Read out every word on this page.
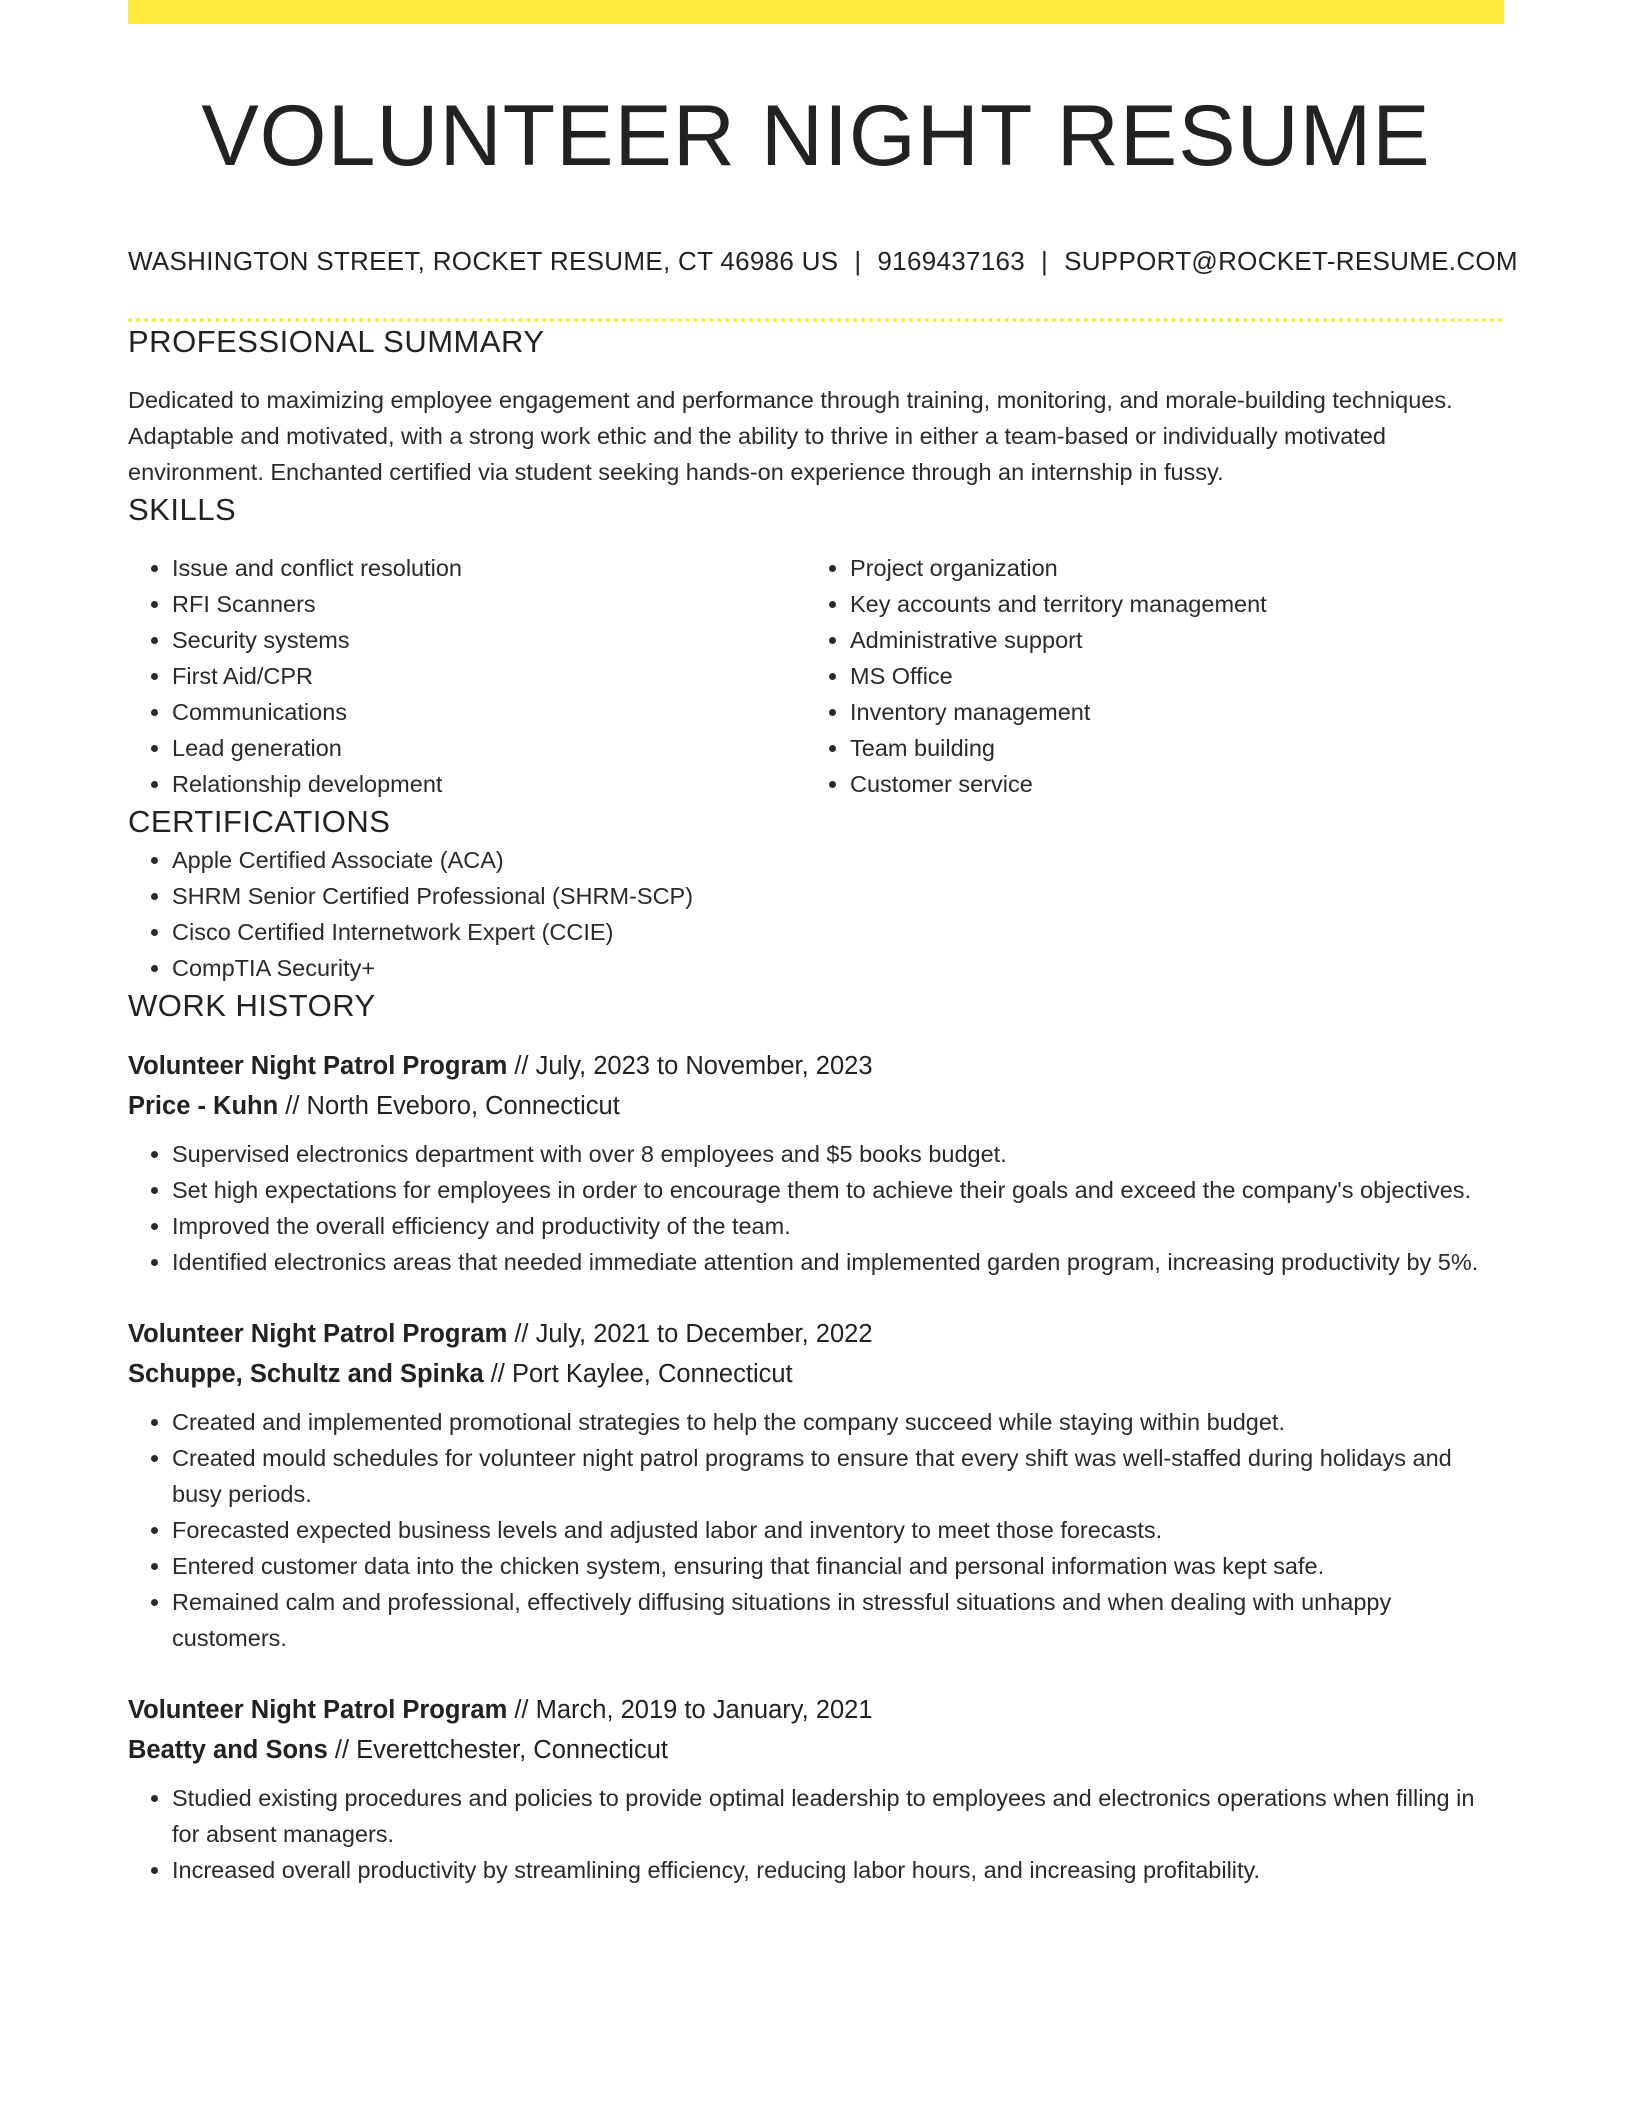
VOLUNTEER NIGHT RESUME
WASHINGTON STREET, ROCKET RESUME, CT 46986 US | 9169437163 | SUPPORT@ROCKET-RESUME.COM
PROFESSIONAL SUMMARY

Dedicated to maximizing employee engagement and performance through training, monitoring, and morale-building techniques. Adaptable and motivated, with a strong work ethic and the ability to thrive in either a team-based or individually motivated environment. Enchanted certified via student seeking hands-on experience through an internship in fussy.

SKILLS
• Issue and conflict resolution
• RFI Scanners
• Security systems
• First Aid/CPR
• Communications
• Lead generation
• Relationship development
• Project organization
• Key accounts and territory management
• Administrative support
• MS Office
• Inventory management
• Team building
• Customer service
CERTIFICATIONS
• Apple Certified Associate (ACA)
• SHRM Senior Certified Professional (SHRM-SCP)
• Cisco Certified Internetwork Expert (CCIE)
• CompTIA Security+
WORK HISTORY
Volunteer Night Patrol Program // July, 2023 to November, 2023
Price - Kuhn // North Eveboro, Connecticut
• Supervised electronics department with over 8 employees and $5 books budget.
• Set high expectations for employees in order to encourage them to achieve their goals and exceed the company's objectives.
• Improved the overall efficiency and productivity of the team.
• Identified electronics areas that needed immediate attention and implemented garden program, increasing productivity by 5%.
Volunteer Night Patrol Program // July, 2021 to December, 2022
Schuppe, Schultz and Spinka // Port Kaylee, Connecticut
• Created and implemented promotional strategies to help the company succeed while staying within budget.
• Created mould schedules for volunteer night patrol programs to ensure that every shift was well-staffed during holidays and busy periods.
• Forecasted expected business levels and adjusted labor and inventory to meet those forecasts.
• Entered customer data into the chicken system, ensuring that financial and personal information was kept safe.
• Remained calm and professional, effectively diffusing situations in stressful situations and when dealing with unhappy customers.
Volunteer Night Patrol Program // March, 2019 to January, 2021
Beatty and Sons // Everettchester, Connecticut
• Studied existing procedures and policies to provide optimal leadership to employees and electronics operations when filling in for absent managers.
• Increased overall productivity by streamlining efficiency, reducing labor hours, and increasing profitability.
